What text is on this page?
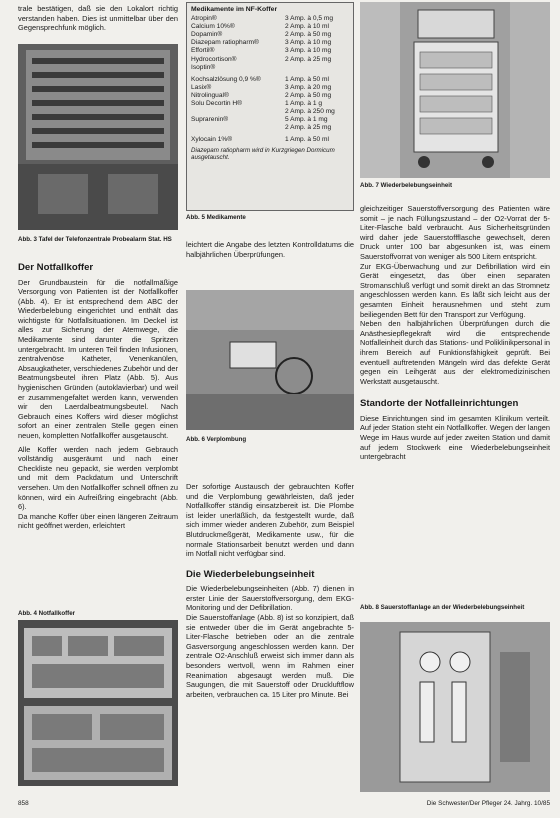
trale bestätigen, daß sie den Lokalort richtig verstanden haben. Dies ist unmittelbar über den Gegensprechfunk möglich.

Abb. 3 Tafel der Telefonzentrale Probealarm Stat. HS
Der Notfallkoffer

Der Grundbaustein für die notfallmäßige Versorgung von Patienten ist der Notfallkoffer (Abb. 4). Er ist entsprechend dem ABC der Wiederbelebung eingerichtet und enthält das wichtigste für Notfallsituationen. Im Deckel ist alles zur Sicherung der Atemwege, die Medikamente sind darunter die Spritzen untergebracht. Im unteren Teil finden Infusionen, zentralvenöse Katheter, Venenkanülen, Absaugkatheter, verschiedenes Zubehör und der Beatmungsbeutel ihren Platz (Abb. 5). Aus hygienischen Gründen (autoklavierbar) und weil er zusammengefaltet werden kann, verwenden wir den Laerdalbeatmungsbeutel. Nach Gebrauch eines Koffers wird dieser möglichst sofort an einer zentralen Stelle gegen einen neuen, kompletten Notfallkoffer ausgetauscht.

Alle Koffer werden nach jedem Gebrauch vollständig ausgeräumt und nach einer Checkliste neu gepackt, sie werden verplombt und mit dem Packdatum und Unterschrift versehen. Um den Notfallkoffer schnell öffnen zu können, wird ein Aufreißring eingebracht (Abb. 6).

Da manche Koffer über einen längeren Zeitraum nicht geöffnet werden, erleichtert

Abb. 4 Notfallkoffer
Medikamente im NF-Koffer
Atropin®	3 Amp. à 0,5 mg
Calcium 10%®	2 Amp. à 10 ml
Dopamin®	2 Amp. à 50 mg
Diazepam ratiopharm®	3 Amp. à 10 mg
Effortil®	3 Amp. à 10 mg
Hydrocortison®	2 Amp. à 25 mg
Isoptin®
Kochsalzlösung 0,9 %®	1 Amp. à 50 ml
Lasix®	3 Amp. à 20 mg
Nitrolingual®	2 Amp. à 50 mg
Solu Decortin H®	1 Amp. à 1 g
2 Amp. à 250 mg
Suprarenin®	5 Amp. à 1 mg
2 Amp. à 25 mg
Xylocain 1%®	1 Amp. à 50 ml
Diazepam ratiopharm wird in Kurzgriegen Dormicum ausgetauscht.
Abb. 5 Medikamente

leichtert die Angabe des letzten Kontrolldatums die halbjährlichen Überprüfungen.

Abb. 6 Verplombung

Der sofortige Austausch der gebrauchten Koffer und die Verplombung gewährleisten, daß jeder Notfallkoffer ständig einsatzbereit ist. Die Plombe ist leider unerläßlich, da festgestellt wurde, daß sich immer wieder anderen Zubehör, zum Beispiel Blutdruckmeßgerät, Medikamente usw., für die normale Stationsarbeit benutzt werden und dann im Notfall nicht verfügbar sind.

Die Wiederbelebungseinheit

Die Wiederbelebungseinheiten (Abb. 7) dienen in erster Linie der Sauerstoffversorgung, dem EKG-Monitoring und der Defibrillation.

Die Sauerstoffanlage (Abb. 8) ist so konzipiert, daß sie entweder über die im Gerät angebrachte 5-Liter-Flasche betrieben oder an die zentrale Gasversorgung angeschlossen werden kann. Der zentrale O2-Anschluß erweist sich immer dann als besonders wertvoll, wenn im Rahmen einer Reanimation abgesaugt werden muß. Die Saugungen, die mit Sauerstoff oder Druckluftflow arbeiten, verbrauchen ca. 15 Liter pro Minute. Bei

Abb. 7 Wiederbelebungseinheit

gleichzeitiger Sauerstoffversorgung des Patienten wäre somit – je nach Füllungszustand – der O2-Vorrat der 5-Liter-Flasche bald verbraucht. Aus Sicherheitsgründen wird daher jede Sauerstoffflasche gewechselt, deren Druck unter 100 bar abgesunken ist, was einem Sauerstoffvorrat von weniger als 500 Litern entspricht.

Zur EKG-Überwachung und zur Defibrillation wird ein Gerät eingesetzt, das über einen separaten Stromanschluß verfügt und somit direkt an das Stromnetz angeschlossen werden kann. Es läßt sich leicht aus der gesamten Einheit herausnehmen und steht zum beiliegenden Bett für den Transport zur Verfügung.

Neben den halbjährlichen Überprüfungen durch die Anästhesiepflegekraft wird die entsprechende Notfalleinheit durch das Stations- und Poliklinikpersonal in ihrem Bereich auf Funktionsfähigkeit geprüft. Bei eventuell auftretenden Mängeln wird das defekte Gerät gegen ein Leihgerät aus der elektromedizinischen Werkstatt ausgetauscht.

Standorte der Notfalleinrichtungen

Diese Einrichtungen sind im gesamten Klinikum verteilt. Auf jeder Station steht ein Notfallkoffer. Wegen der langen Wege im Haus wurde auf jeder zweiten Station und damit auf jedem Stockwerk eine Wiederbelebungseinheit untergebracht

Abb. 8 Sauerstoffanlage an der Wiederbelebungseinheit
858	Die Schwester/Der Pfleger 24. Jahrg. 10/85
